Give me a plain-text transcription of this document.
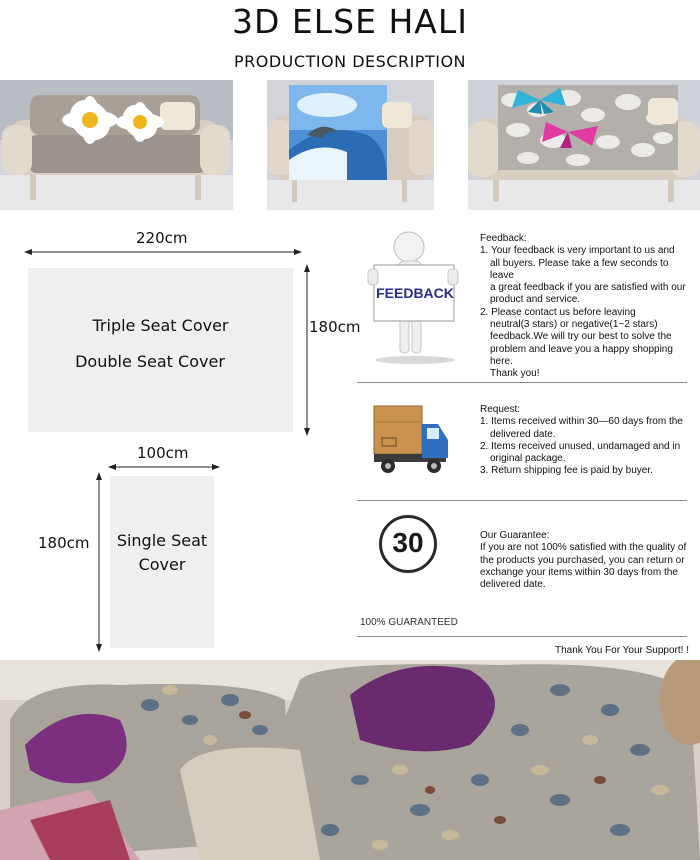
3D ELSE HALI
PRODUCTION DESCRIPTION
220cm
180cm
Triple Seat Cover
Double Seat Cover
100cm
180cm	Single Seat
Cover
FEEDBACK
Feedback:
1. Your feedback is very important to us and
all buyers. Please take a few seconds to leave
a great feedback if you are satisfied with our
product and service.
2. Please contact us before leaving
neutral(3 stars) or negative(1~2 stars)
feedback.We will try our best to solve the
problem and leave you a happy shopping here.
Thank you!
Request:
1. Items received within 30—60 days from the
delivered date.
2. Items received unused, undamaged and in
original package.
3. Return shipping fee is paid by buyer.
30
100% GUARANTEED
Our Guarantee:
If you are not 100% satisfied with the quality of
the products you purchased, you can return or
exchange your items within 30 days from the
delivered date.
Thank You For Your Support! !
